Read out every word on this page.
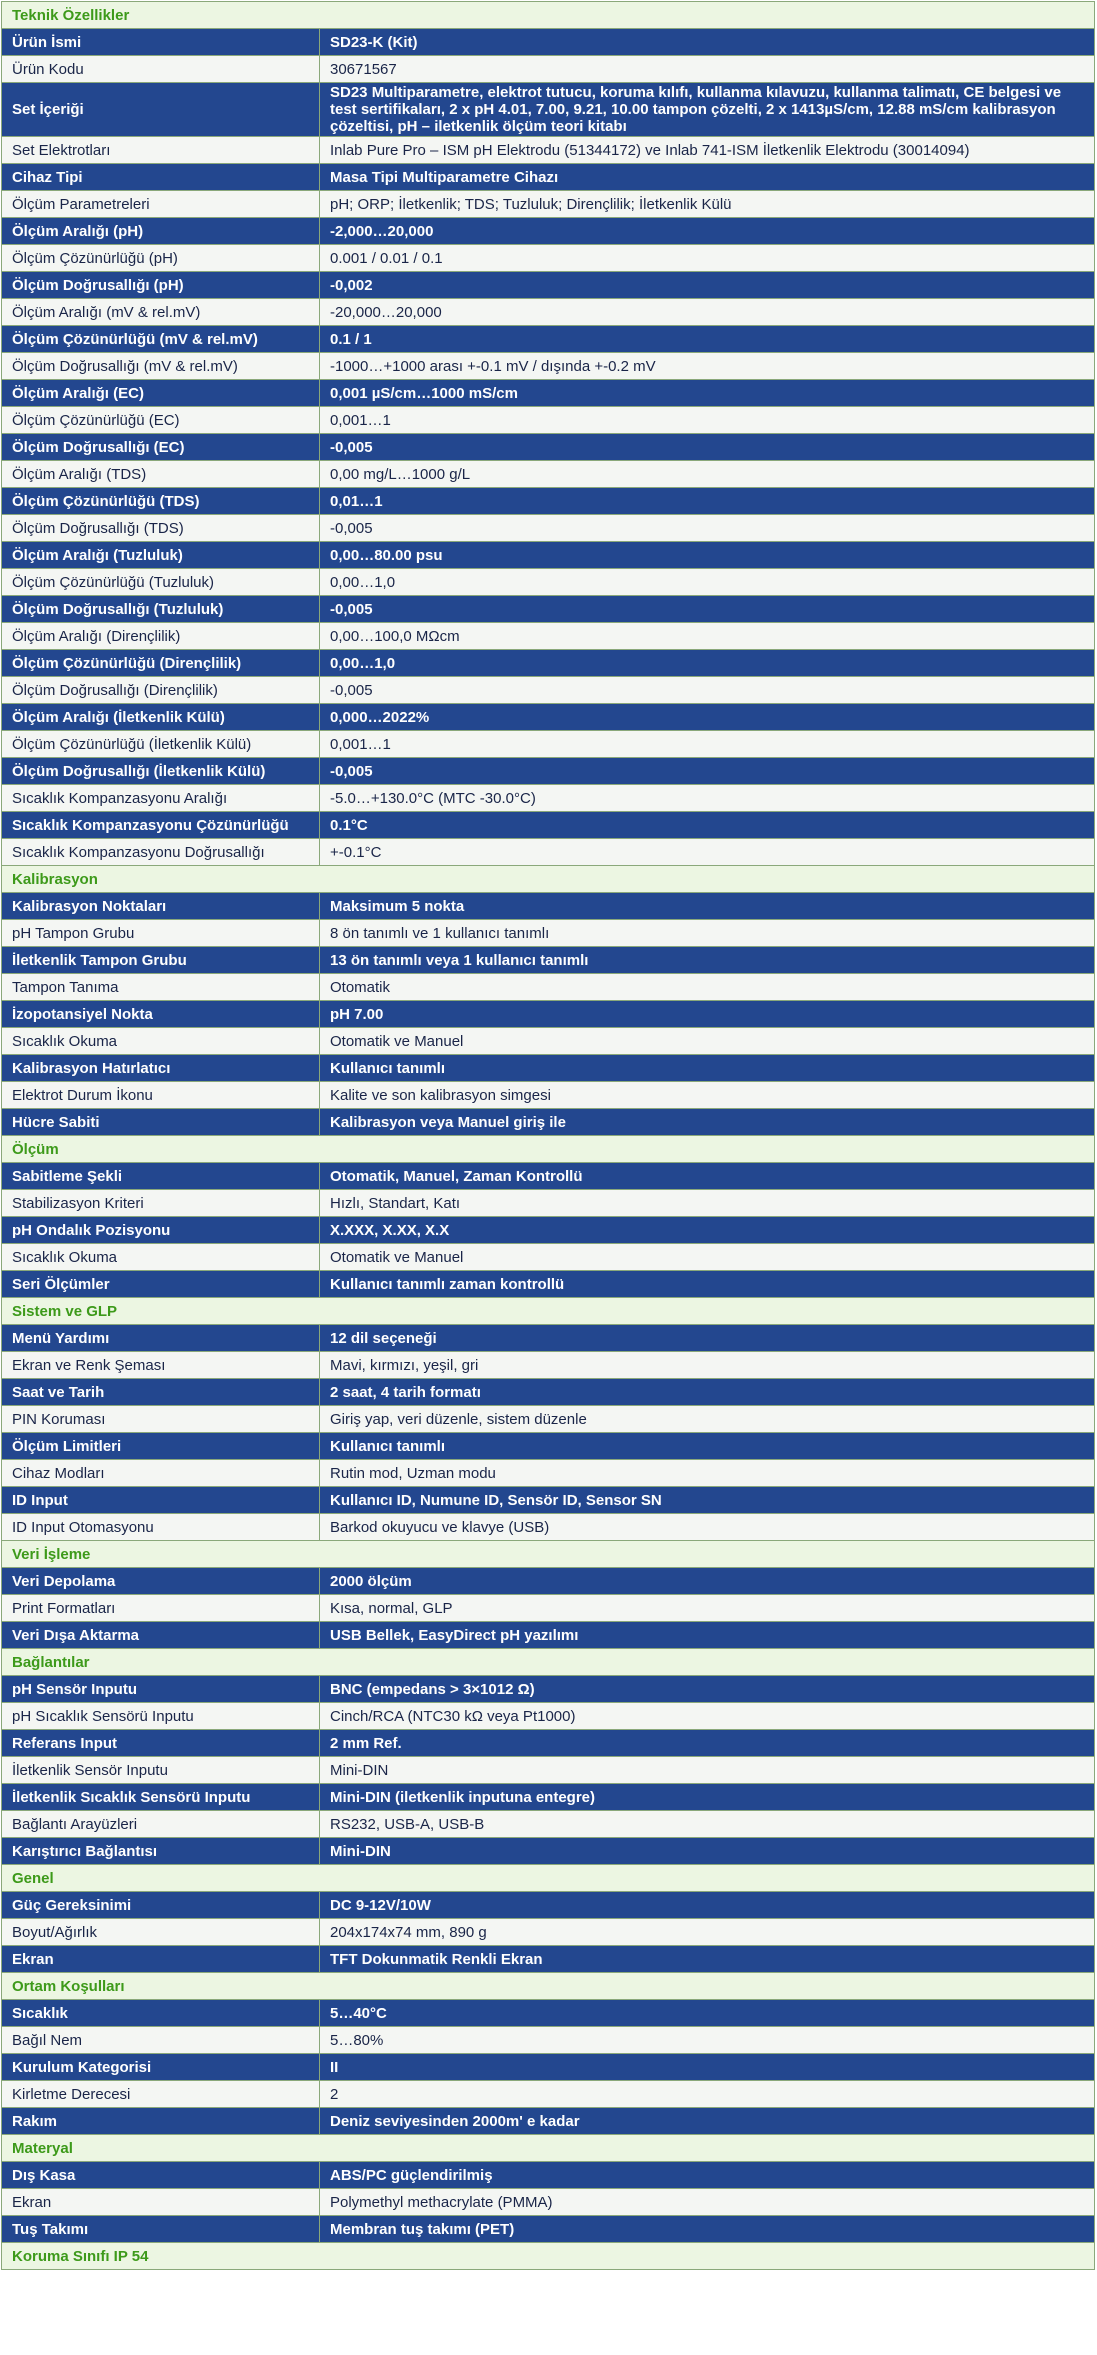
Teknik Özellikler	
Ürün İsmi	SD23-K (Kit)
Ürün Kodu	30671567
Set İçeriği	SD23 Multiparametre, elektrot tutucu, koruma kılıfı, kullanma kılavuzu, kullanma talimatı, CE belgesi ve test sertifikaları, 2 x pH 4.01, 7.00, 9.21, 10.00 tampon çözelti, 2 x 1413µS/cm, 12.88 mS/cm kalibrasyon çözeltisi, pH – iletkenlik ölçüm teori kitabı
Set Elektrotları	Inlab Pure Pro – ISM pH Elektrodu (51344172) ve Inlab 741-ISM İletkenlik Elektrodu (30014094)
Cihaz Tipi	Masa Tipi Multiparametre Cihazı
Ölçüm Parametreleri	pH; ORP; İletkenlik; TDS; Tuzluluk; Dirençlilik; İletkenlik Külü
Ölçüm Aralığı (pH)	-2,000…20,000
Ölçüm Çözünürlüğü (pH)	0.001 / 0.01 / 0.1
Ölçüm Doğrusallığı (pH)	-0,002
Ölçüm Aralığı (mV & rel.mV)	-20,000…20,000
Ölçüm Çözünürlüğü (mV & rel.mV)	0.1 / 1
Ölçüm Doğrusallığı (mV & rel.mV)	-1000…+1000 arası +-0.1 mV / dışında +-0.2 mV
Ölçüm Aralığı (EC)	0,001 µS/cm…1000 mS/cm
Ölçüm Çözünürlüğü (EC)	0,001…1
Ölçüm Doğrusallığı (EC)	-0,005
Ölçüm Aralığı (TDS)	0,00 mg/L…1000 g/L
Ölçüm Çözünürlüğü (TDS)	0,01…1
Ölçüm Doğrusallığı (TDS)	-0,005
Ölçüm Aralığı (Tuzluluk)	0,00…80.00 psu
Ölçüm Çözünürlüğü (Tuzluluk)	0,00…1,0
Ölçüm Doğrusallığı (Tuzluluk)	-0,005
Ölçüm Aralığı (Dirençlilik)	0,00…100,0 MΩcm
Ölçüm Çözünürlüğü (Dirençlilik)	0,00…1,0
Ölçüm Doğrusallığı (Dirençlilik)	-0,005
Ölçüm Aralığı (İletkenlik Külü)	0,000…2022%
Ölçüm Çözünürlüğü (İletkenlik Külü)	0,001…1
Ölçüm Doğrusallığı (İletkenlik Külü)	-0,005
Sıcaklık Kompanzasyonu Aralığı	-5.0…+130.0°C (MTC -30.0°C)
Sıcaklık Kompanzasyonu Çözünürlüğü	0.1°C
Sıcaklık Kompanzasyonu Doğrusallığı	+-0.1°C
Kalibrasyon	
Kalibrasyon Noktaları	Maksimum 5 nokta
pH Tampon Grubu	8 ön tanımlı ve 1 kullanıcı tanımlı
İletkenlik Tampon Grubu	13 ön tanımlı veya 1 kullanıcı tanımlı
Tampon Tanıma	Otomatik
İzopotansiyel Nokta	pH 7.00
Sıcaklık Okuma	Otomatik ve Manuel
Kalibrasyon Hatırlatıcı	Kullanıcı tanımlı
Elektrot Durum İkonu	Kalite ve son kalibrasyon simgesi
Hücre Sabiti	Kalibrasyon veya Manuel giriş ile
Ölçüm	
Sabitleme Şekli	Otomatik, Manuel, Zaman Kontrollü
Stabilizasyon Kriteri	Hızlı, Standart, Katı
pH Ondalık Pozisyonu	X.XXX, X.XX, X.X
Sıcaklık Okuma	Otomatik ve Manuel
Seri Ölçümler	Kullanıcı tanımlı zaman kontrollü
Sistem ve GLP	
Menü Yardımı	12 dil seçeneği
Ekran ve Renk Şeması	Mavi, kırmızı, yeşil, gri
Saat ve Tarih	2 saat, 4 tarih formatı
PIN Koruması	Giriş yap, veri düzenle, sistem düzenle
Ölçüm Limitleri	Kullanıcı tanımlı
Cihaz Modları	Rutin mod, Uzman modu
ID Input	Kullanıcı ID, Numune ID, Sensör ID, Sensor SN
ID Input Otomasyonu	Barkod okuyucu ve klavye (USB)
Veri İşleme	
Veri Depolama	2000 ölçüm
Print Formatları	Kısa, normal, GLP
Veri Dışa Aktarma	USB Bellek, EasyDirect pH yazılımı
Bağlantılar	
pH Sensör Inputu	BNC (empedans > 3×1012 Ω)
pH Sıcaklık Sensörü Inputu	Cinch/RCA (NTC30 kΩ veya Pt1000)
Referans Input	2 mm Ref.
İletkenlik Sensör Inputu	Mini-DIN
İletkenlik Sıcaklık Sensörü Inputu	Mini-DIN (iletkenlik inputuna entegre)
Bağlantı Arayüzleri	RS232, USB-A, USB-B
Karıştırıcı Bağlantısı	Mini-DIN
Genel	
Güç Gereksinimi	DC 9-12V/10W
Boyut/Ağırlık	204x174x74 mm, 890 g
Ekran	TFT Dokunmatik Renkli Ekran
Ortam Koşulları	
Sıcaklık	5…40°C
Bağıl Nem	5…80%
Kurulum Kategorisi	II
Kirletme Derecesi	2
Rakım	Deniz seviyesinden 2000m' e kadar
Materyal	
Dış Kasa	ABS/PC güçlendirilmiş
Ekran	Polymethyl methacrylate (PMMA)
Tuş Takımı	Membran tuş takımı (PET)
Koruma Sınıfı IP 54	
